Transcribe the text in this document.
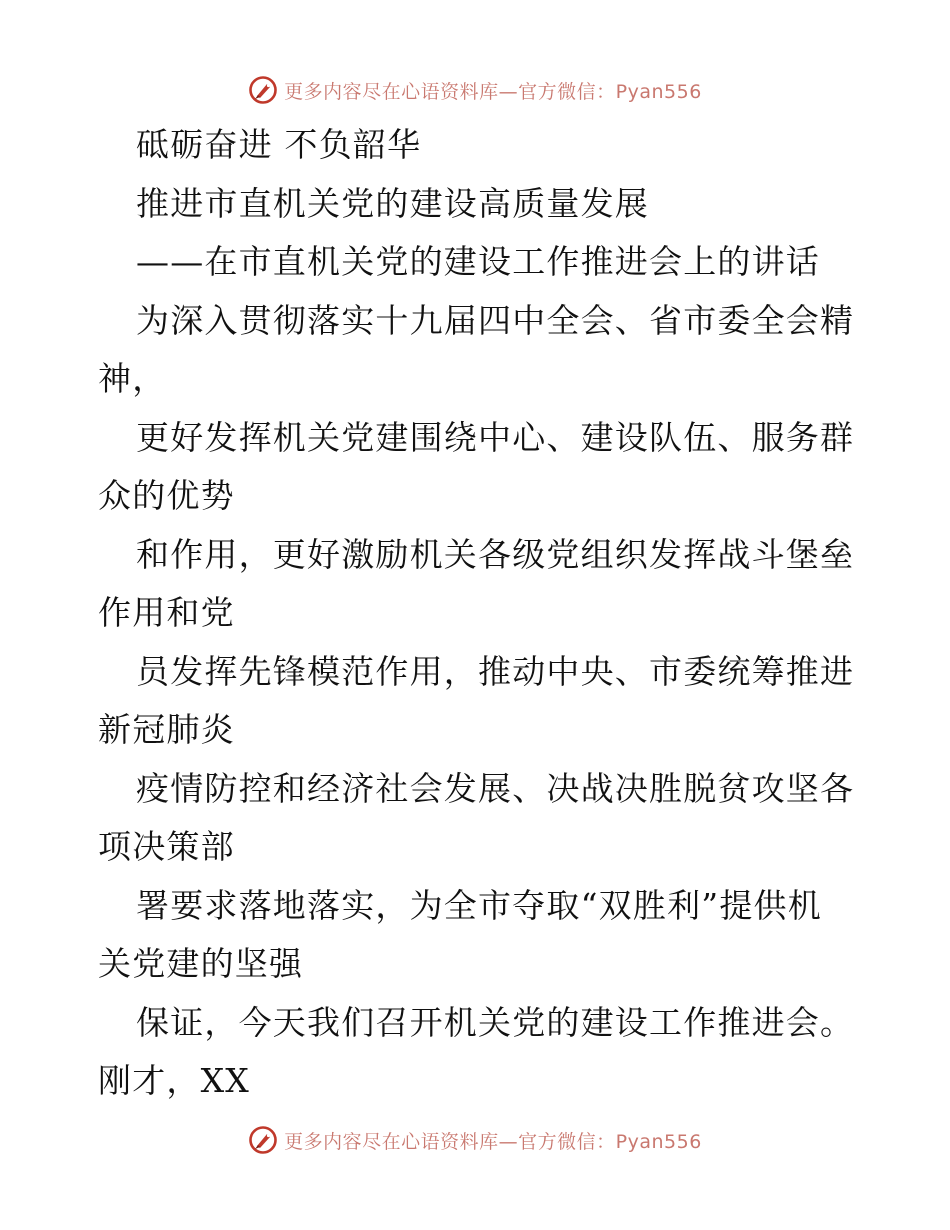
更多内容尽在心语资料库—官方微信：Pyan556
砥砺奋进 不负韶华
推进市直机关党的建设高质量发展
——在市直机关党的建设工作推进会上的讲话
为深入贯彻落实十九届四中全会、省市委全会精
神，
更好发挥机关党建围绕中心、建设队伍、服务群
众的优势
和作用，更好激励机关各级党组织发挥战斗堡垒
作用和党
员发挥先锋模范作用，推动中央、市委统筹推进
新冠肺炎
疫情防控和经济社会发展、决战决胜脱贫攻坚各
项决策部
署要求落地落实，为全市夺取“双胜利”提供机
关党建的坚强
保证，今天我们召开机关党的建设工作推进会。
刚才，XX
更多内容尽在心语资料库—官方微信：Pyan556
